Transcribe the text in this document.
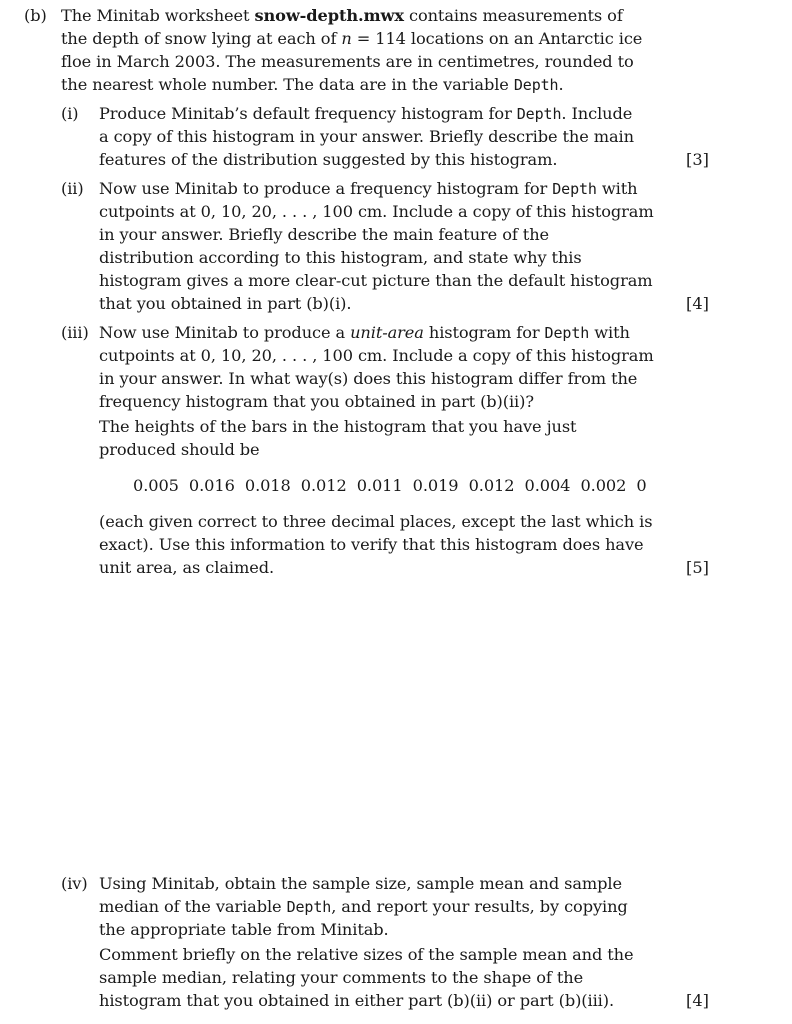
(b) The Minitab worksheet snow-depth.mwx contains measurements of
the depth of snow lying at each of n = 114 locations on an Antarctic ice
floe in March 2003. The measurements are in centimetres, rounded to
the nearest whole number. The data are in the variable Depth.
(i) Produce Minitab’s default frequency histogram for Depth. Include
a copy of this histogram in your answer. Briefly describe the main
features of the distribution suggested by this histogram.	[3]
(ii) Now use Minitab to produce a frequency histogram for Depth with
cutpoints at 0, 10, 20, . . . , 100 cm. Include a copy of this histogram
in your answer. Briefly describe the main feature of the
distribution according to this histogram, and state why this
histogram gives a more clear-cut picture than the default histogram
that you obtained in part (b)(i).	[4]
(iii) Now use Minitab to produce a unit-area histogram for Depth with
cutpoints at 0, 10, 20, . . . , 100 cm. Include a copy of this histogram
in your answer. In what way(s) does this histogram differ from the
frequency histogram that you obtained in part (b)(ii)?
The heights of the bars in the histogram that you have just
produced should be
0.005  0.016  0.018  0.012  0.011  0.019  0.012  0.004  0.002  0
(each given correct to three decimal places, except the last which is
exact). Use this information to verify that this histogram does have
unit area, as claimed.	[5]
(iv) Using Minitab, obtain the sample size, sample mean and sample
median of the variable Depth, and report your results, by copying
the appropriate table from Minitab.
Comment briefly on the relative sizes of the sample mean and the
sample median, relating your comments to the shape of the
histogram that you obtained in either part (b)(ii) or part (b)(iii).	[4]
